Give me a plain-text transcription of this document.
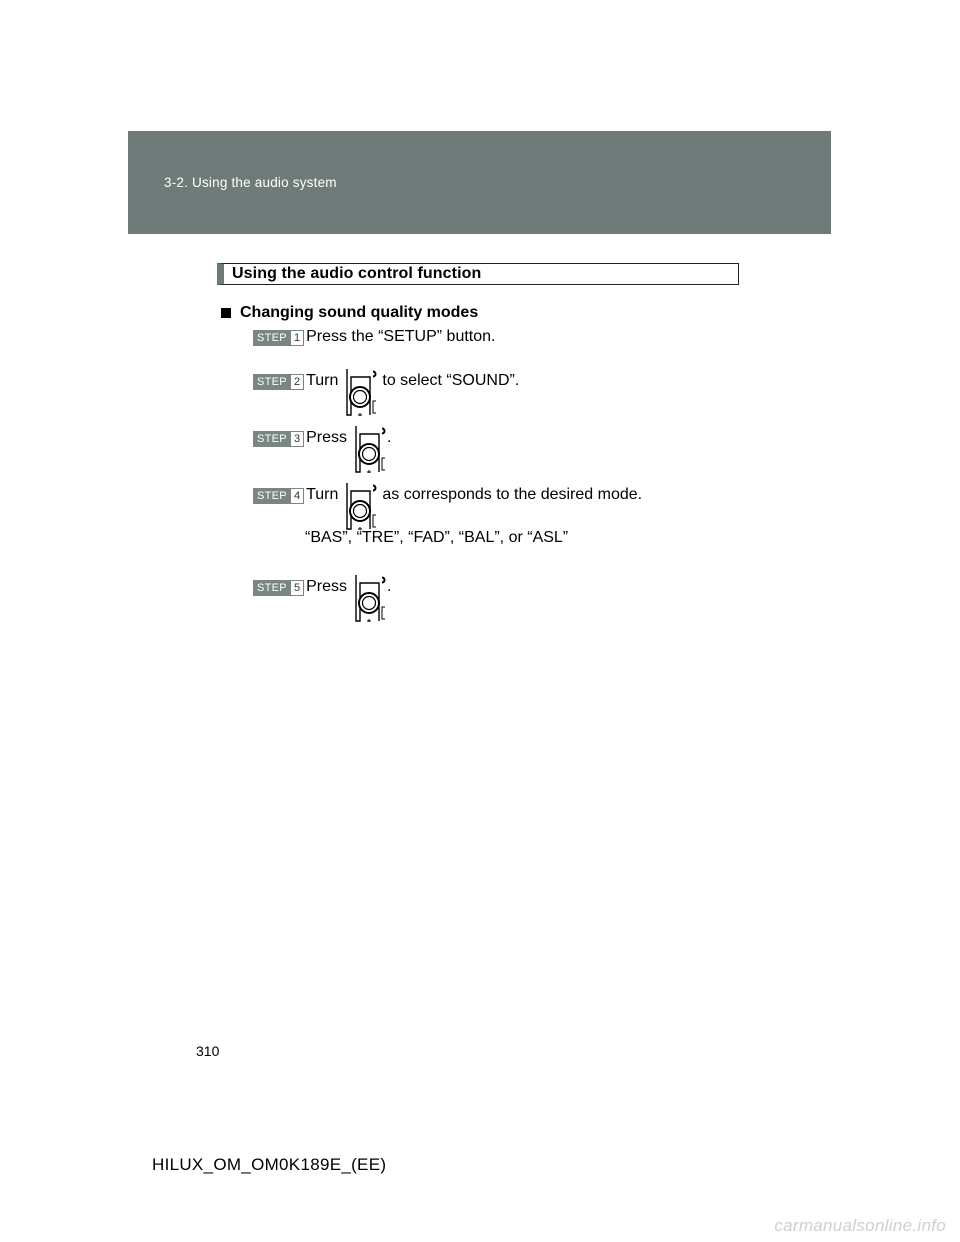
3-2. Using the audio system
Using the audio control function
Changing sound quality modes
STEP 1 Press the “SETUP” button.
STEP 2 Turn	to select “SOUND”.
STEP 3 Press	.
STEP 4 Turn	as corresponds to the desired mode.
“BAS”, “TRE”, “FAD”, “BAL”, or “ASL”
STEP 5 Press	.
310
HILUX_OM_OM0K189E_(EE)
carmanualsonline.info
